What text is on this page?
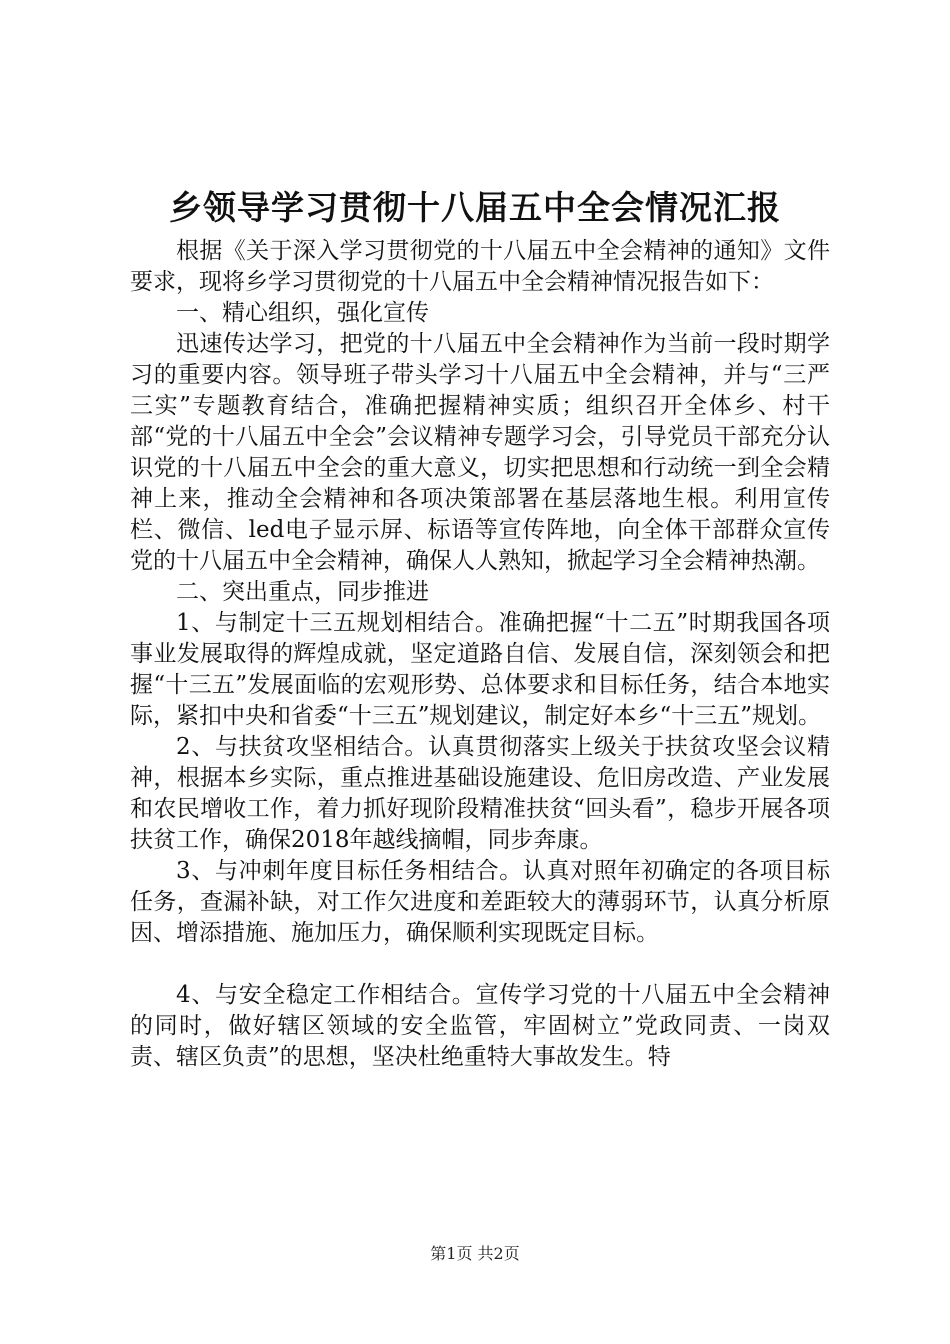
乡领导学习贯彻十八届五中全会情况汇报

根据《关于深入学习贯彻党的十八届五中全会精神的通知》文件要求，现将乡学习贯彻党的十八届五中全会精神情况报告如下：

一、精心组织，强化宣传

迅速传达学习，把党的十八届五中全会精神作为当前一段时期学习的重要内容。领导班子带头学习十八届五中全会精神，并与“三严三实”专题教育结合，准确把握精神实质；组织召开全体乡、村干部“党的十八届五中全会”会议精神专题学习会，引导党员干部充分认识党的十八届五中全会的重大意义，切实把思想和行动统一到全会精神上来，推动全会精神和各项决策部署在基层落地生根。利用宣传栏、微信、led电子显示屏、标语等宣传阵地，向全体干部群众宣传党的十八届五中全会精神，确保人人熟知，掀起学习全会精神热潮。

二、突出重点，同步推进

1、与制定十三五规划相结合。准确把握“十二五”时期我国各项事业发展取得的辉煌成就，坚定道路自信、发展自信，深刻领会和把握“十三五”发展面临的宏观形势、总体要求和目标任务，结合本地实际，紧扣中央和省委“十三五”规划建议，制定好本乡“十三五”规划。

2、与扶贫攻坚相结合。认真贯彻落实上级关于扶贫攻坚会议精神，根据本乡实际，重点推进基础设施建设、危旧房改造、产业发展和农民增收工作，着力抓好现阶段精准扶贫“回头看”，稳步开展各项扶贫工作，确保2018年越线摘帽，同步奔康。

3、与冲刺年度目标任务相结合。认真对照年初确定的各项目标任务，查漏补缺，对工作欠进度和差距较大的薄弱环节，认真分析原因、增添措施、施加压力，确保顺利实现既定目标。

4、与安全稳定工作相结合。宣传学习党的十八届五中全会精神的同时，做好辖区领域的安全监管，牢固树立”党政同责、一岗双责、辖区负责”的思想，坚决杜绝重特大事故发生。特

第1页 共2页
